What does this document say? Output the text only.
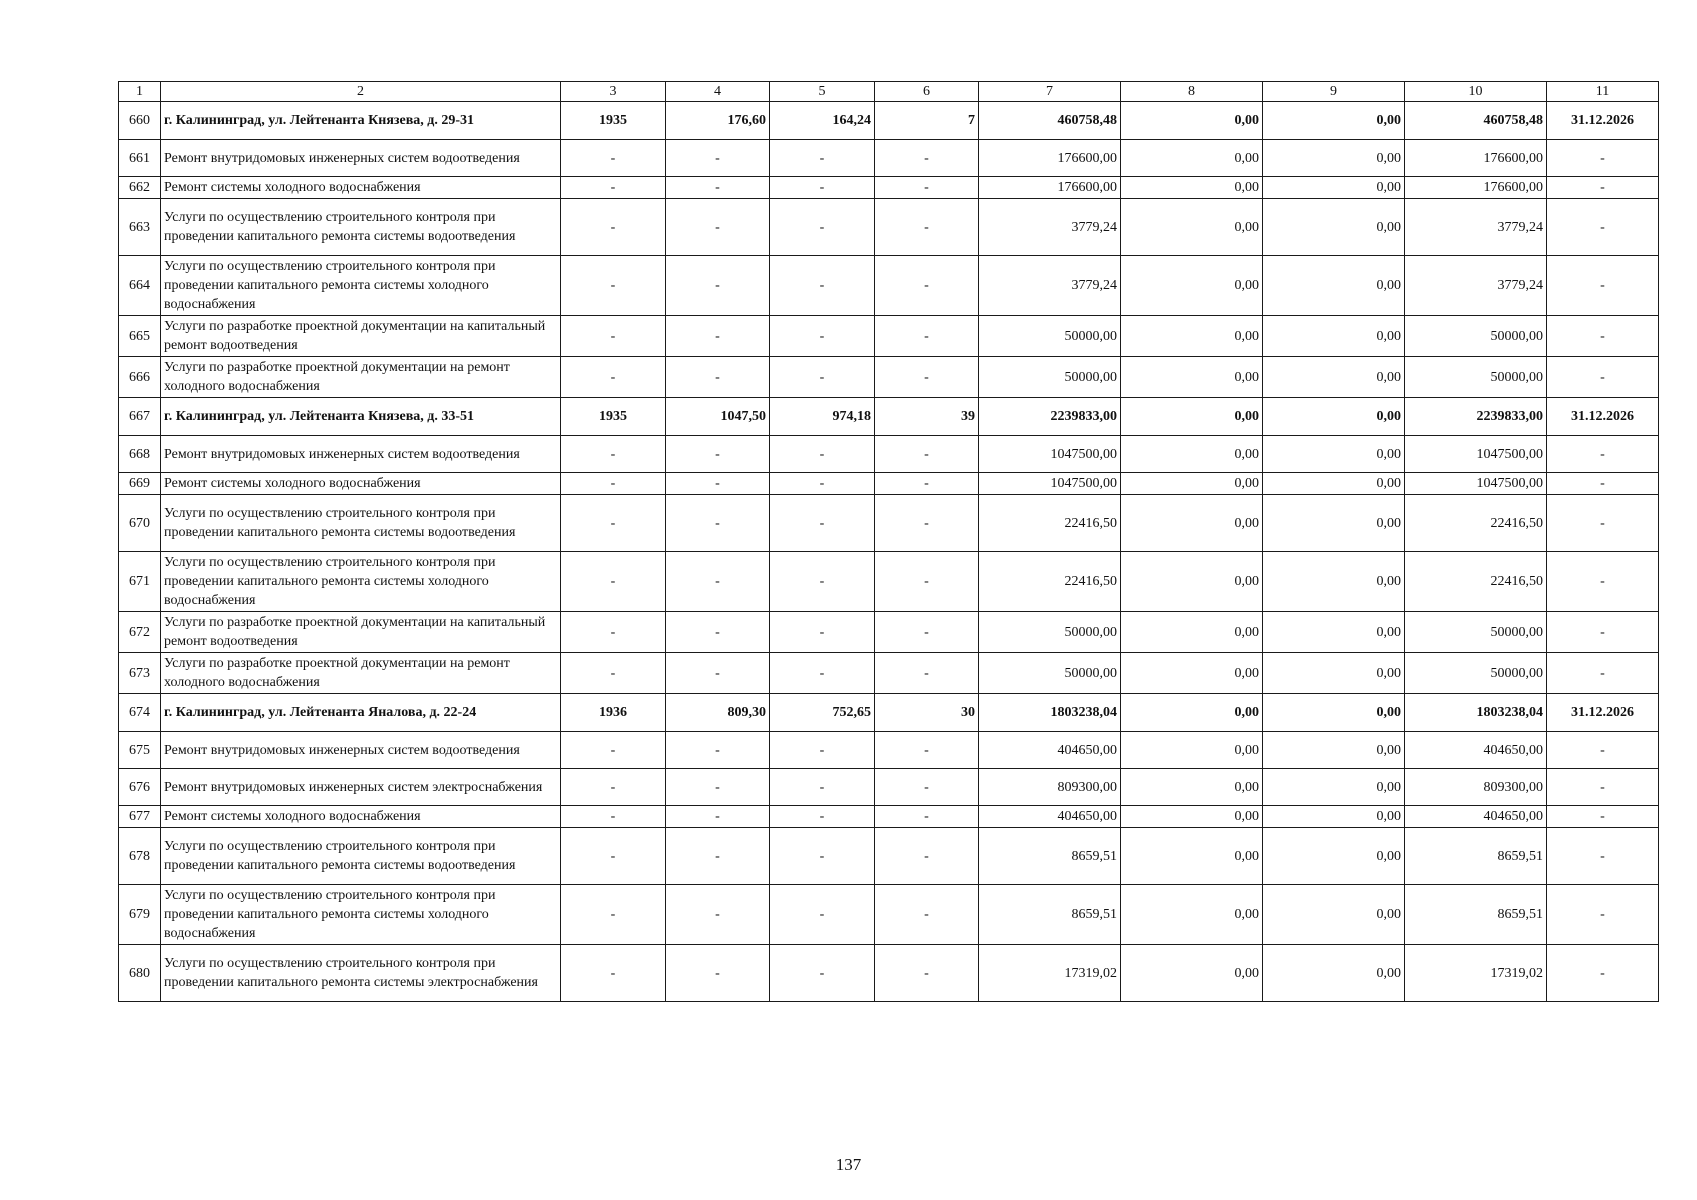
1	2	3	4	5	6	7	8	9	10	11
660	г. Калининград, ул. Лейтенанта Князева, д. 29-31	1935	176,60	164,24	7	460758,48	0,00	0,00	460758,48	31.12.2026
661	Ремонт внутридомовых инженерных систем водоотведения	-	-	-	-	176600,00	0,00	0,00	176600,00	-
662	Ремонт системы холодного водоснабжения	-	-	-	-	176600,00	0,00	0,00	176600,00	-
663	Услуги по осуществлению строительного контроля при проведении капитального ремонта системы водоотведения	-	-	-	-	3779,24	0,00	0,00	3779,24	-
664	Услуги по осуществлению строительного контроля при проведении капитального ремонта системы холодного водоснабжения	-	-	-	-	3779,24	0,00	0,00	3779,24	-
665	Услуги по разработке проектной документации на капитальный ремонт водоотведения	-	-	-	-	50000,00	0,00	0,00	50000,00	-
666	Услуги по разработке проектной документации на ремонт холодного водоснабжения	-	-	-	-	50000,00	0,00	0,00	50000,00	-
667	г. Калининград, ул. Лейтенанта Князева, д. 33-51	1935	1047,50	974,18	39	2239833,00	0,00	0,00	2239833,00	31.12.2026
668	Ремонт внутридомовых инженерных систем водоотведения	-	-	-	-	1047500,00	0,00	0,00	1047500,00	-
669	Ремонт системы холодного водоснабжения	-	-	-	-	1047500,00	0,00	0,00	1047500,00	-
670	Услуги по осуществлению строительного контроля при проведении капитального ремонта системы водоотведения	-	-	-	-	22416,50	0,00	0,00	22416,50	-
671	Услуги по осуществлению строительного контроля при проведении капитального ремонта системы холодного водоснабжения	-	-	-	-	22416,50	0,00	0,00	22416,50	-
672	Услуги по разработке проектной документации на капитальный ремонт водоотведения	-	-	-	-	50000,00	0,00	0,00	50000,00	-
673	Услуги по разработке проектной документации на ремонт холодного водоснабжения	-	-	-	-	50000,00	0,00	0,00	50000,00	-
674	г. Калининград, ул. Лейтенанта Яналова, д. 22-24	1936	809,30	752,65	30	1803238,04	0,00	0,00	1803238,04	31.12.2026
675	Ремонт внутридомовых инженерных систем водоотведения	-	-	-	-	404650,00	0,00	0,00	404650,00	-
676	Ремонт внутридомовых инженерных систем электроснабжения	-	-	-	-	809300,00	0,00	0,00	809300,00	-
677	Ремонт системы холодного водоснабжения	-	-	-	-	404650,00	0,00	0,00	404650,00	-
678	Услуги по осуществлению строительного контроля при проведении капитального ремонта системы водоотведения	-	-	-	-	8659,51	0,00	0,00	8659,51	-
679	Услуги по осуществлению строительного контроля при проведении капитального ремонта системы холодного водоснабжения	-	-	-	-	8659,51	0,00	0,00	8659,51	-
680	Услуги по осуществлению строительного контроля при проведении капитального ремонта системы электроснабжения	-	-	-	-	17319,02	0,00	0,00	17319,02	-
137
